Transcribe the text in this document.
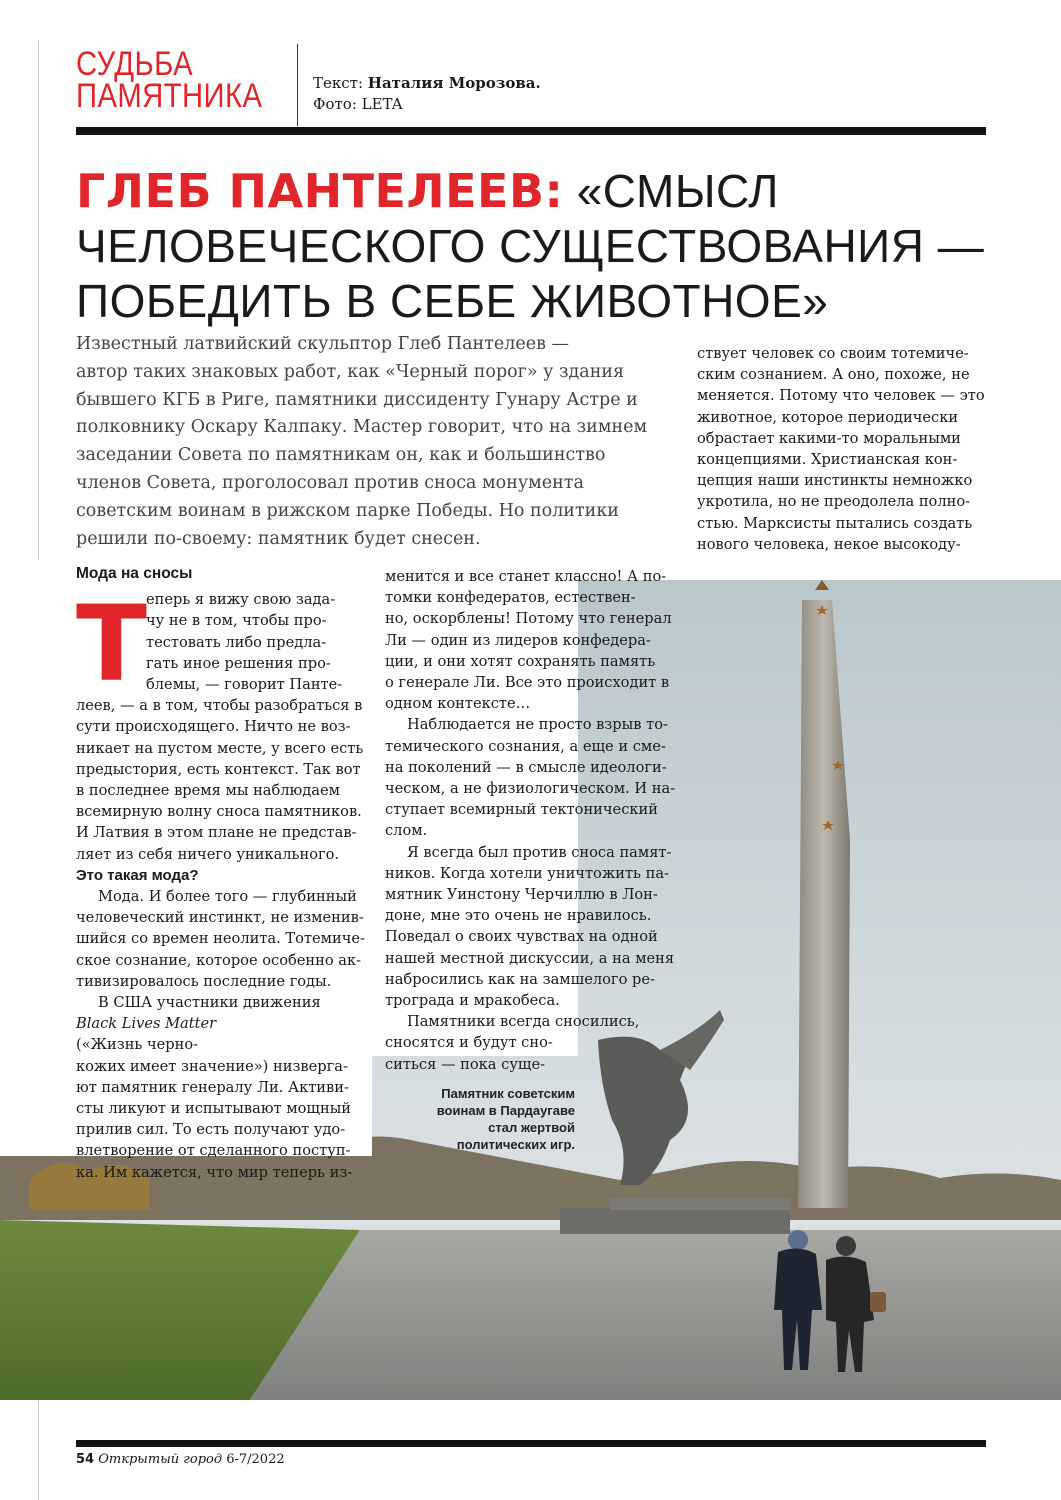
СУДЬБА
ПАМЯТНИКА	Текст: Наталия Морозова.
Фото: LETA
ГЛЕБ ПАНТЕЛЕЕВ: «СМЫСЛ
ЧЕЛОВЕЧЕСКОГО СУЩЕСТВОВАНИЯ —
ПОБЕДИТЬ В СЕБЕ ЖИВОТНОЕ»
Известный латвийский скульптор Глеб Пантелеев —
автор таких знаковых работ, как «Черный порог» у здания
бывшего КГБ в Риге, памятники диссиденту Гунару Астре и
полковнику Оскару Калпаку. Мастер говорит, что на зимнем
заседании Совета по памятникам он, как и большинство
членов Совета, проголосовал против сноса монумента
советским воинам в рижском парке Победы. Но политики
решили по-своему: памятник будет снесен.
ствует человек со своим тотемиче-
ским сознанием. А оно, похоже, не
меняется. Потому что человек — это
животное, которое периодически
обрастает какими-то моральными
концепциями. Христианская кон-
цепция наши инстинкты немножко
укротила, но не преодолела полно-
стью. Марксисты пытались создать
нового человека, некое высокоду-
Мода на сносы
еперь я вижу свою зада-
чу не в том, чтобы про-
тестовать либо предла-
гать иное решения про-
блемы, — говорит Панте-
леев, — а в том, чтобы разобраться в
сути происходящего. Ничто не воз-
никает на пустом месте, у всего есть
предыстория, есть контекст. Так вот
в последнее время мы наблюдаем
всемирную волну сноса памятников.
И Латвия в этом плане не представ-
ляет из себя ничего уникального.
Это такая мода?
Мода. И более того — глубинный
человеческий инстинкт, не изменив-
шийся со времен неолита. Тотемиче-
ское сознание, которое особенно ак-
тивизировалось последние годы.
В США участники движения
Black Lives Matter
(«Жизнь черно-
кожих имеет значение») низверга-
ют памятник генералу Ли. Активи-
сты ликуют и испытывают мощный
прилив сил. То есть получают удо-
влетворение от сделанного поступ-
ка. Им кажется, что мир теперь из-
Т
менится и все станет классно! А по-
томки конфедератов, естествен-
но, оскорблены! Потому что генерал
Ли — один из лидеров конфедера-
ции, и они хотят сохранять память
о генерале Ли. Все это происходит в
одном контексте…
Наблюдается не просто взрыв то-
темического сознания, а еще и сме-
на поколений — в смысле идеологи-
ческом, а не физиологическом. И на-
ступает всемирный тектонический
слом.
Я всегда был против сноса памят-
ников. Когда хотели уничтожить па-
мятник Уинстону Черчиллю в Лон-
доне, мне это очень не нравилось.
Поведал о своих чувствах на одной
нашей местной дискуссии, а на меня
набросились как на замшелого ре-
трограда и мракобеса.
Памятники всегда сносились,
сносятся и будут сно-
ситься — пока суще-
Памятник советским
воинам в Пардаугаве
стал жертвой
политических игр.
54 Открытый город 6-7/2022
